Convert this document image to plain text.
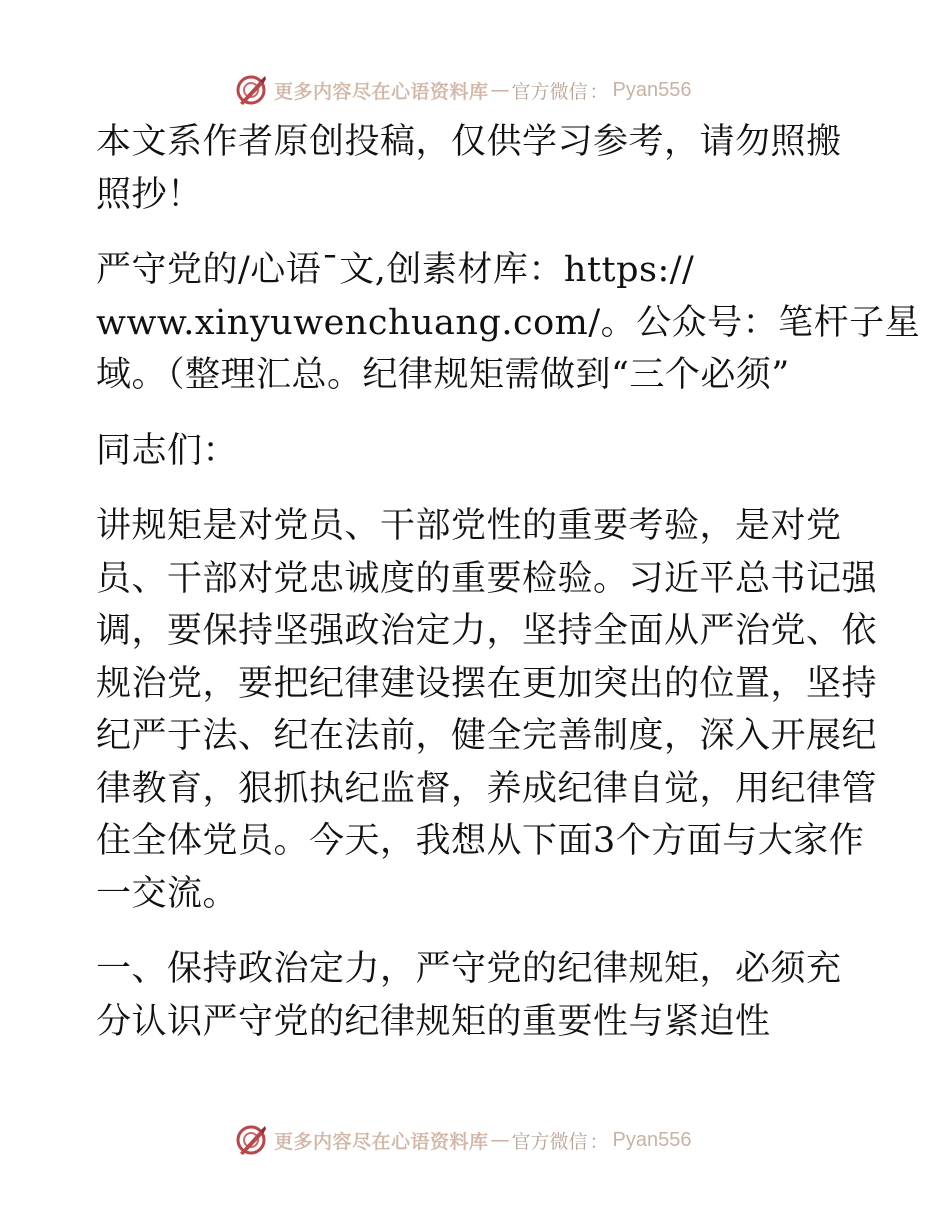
更多内容尽在心语资料库 — 官方微信 ： Pyan556

本文系作者原创投稿，仅供学习参考，请勿照搬
照抄！

严守党的/心语¯文,创素材库：https://
www.xinyuwenchuang.com/。公众号：笔杆子星
域。（整理汇总。纪律规矩需做到“三个必须”

同志们：

讲规矩是对党员、干部党性的重要考验，是对党
员、干部对党忠诚度的重要检验。习近平总书记强
调，要保持坚强政治定力，坚持全面从严治党、依
规治党，要把纪律建设摆在更加突出的位置，坚持
纪严于法、纪在法前，健全完善制度，深入开展纪
律教育，狠抓执纪监督，养成纪律自觉，用纪律管
住全体党员。今天，我想从下面3个方面与大家作
一交流。

一、保持政治定力，严守党的纪律规矩，必须充
分认识严守党的纪律规矩的重要性与紧迫性

更多内容尽在心语资料库 — 官方微信 ： Pyan556
